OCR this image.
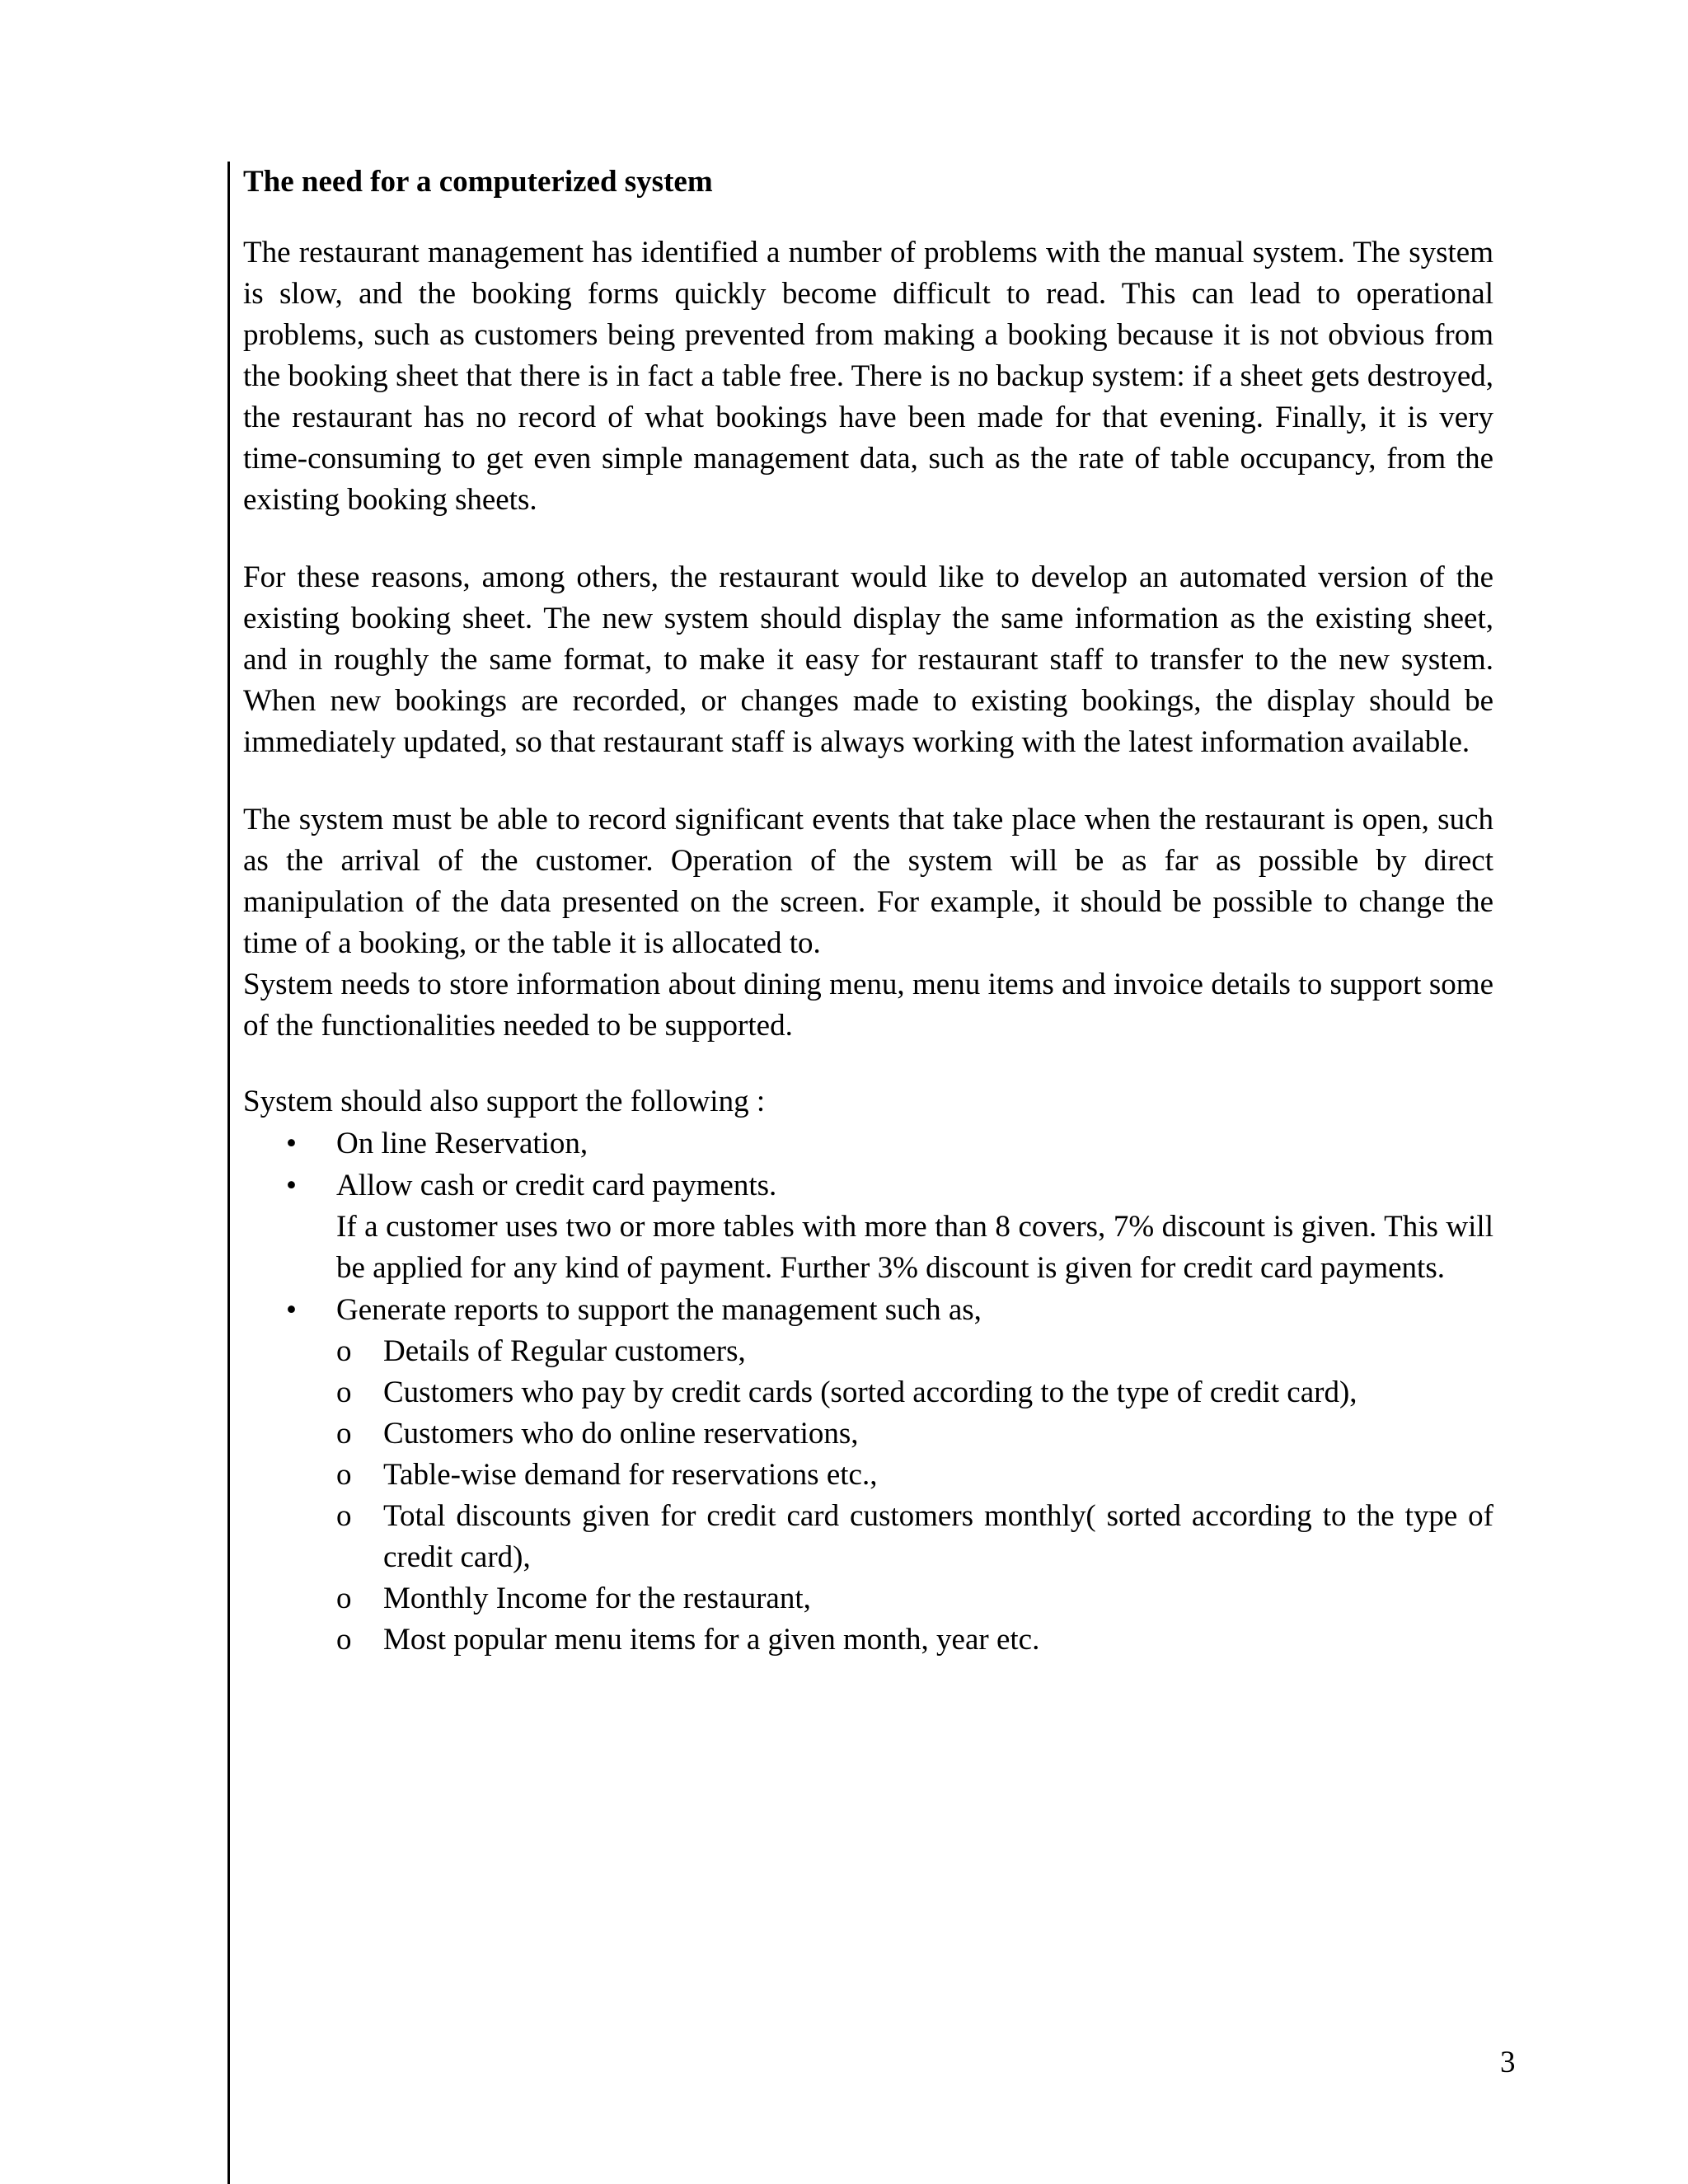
The need for a computerized system

The restaurant management has identified a number of problems with the manual system. The system is slow, and the booking forms quickly become difficult to read. This can lead to operational problems, such as customers being prevented from making a booking because it is not obvious from the booking sheet that there is in fact a table free. There is no backup system: if a sheet gets destroyed, the restaurant has no record of what bookings have been made for that evening. Finally, it is very time-consuming to get even simple management data, such as the rate of table occupancy, from the existing booking sheets.

For these reasons, among others, the restaurant would like to develop an automated version of the existing booking sheet. The new system should display the same information as the existing sheet, and in roughly the same format, to make it easy for restaurant staff to transfer to the new system. When new bookings are recorded, or changes made to existing bookings, the display should be immediately updated, so that restaurant staff is always working with the latest information available.

The system must be able to record significant events that take place when the restaurant is open, such as the arrival of the customer. Operation of the system will be as far as possible by direct manipulation of the data presented on the screen. For example, it should be possible to change the time of a booking, or the table it is allocated to.

System needs to store information about dining menu, menu items and invoice details to support some of the functionalities needed to be supported.

System should also support the following :

•	On line Reservation,
•	Allow cash or credit card payments.
If a customer uses two or more tables with more than 8 covers, 7% discount is given. This will be applied for any kind of payment. Further 3% discount is given for credit card payments.
•	Generate reports to support the management such as,
o Details of Regular customers,
o Customers who pay by credit cards (sorted according to the type of credit card),
o Customers who do online reservations,
o Table-wise demand for reservations etc.,
o Total discounts given for credit card customers monthly( sorted according to the type of credit card),
o Monthly Income for the restaurant,
o Most popular menu items for a given month, year etc.
3
